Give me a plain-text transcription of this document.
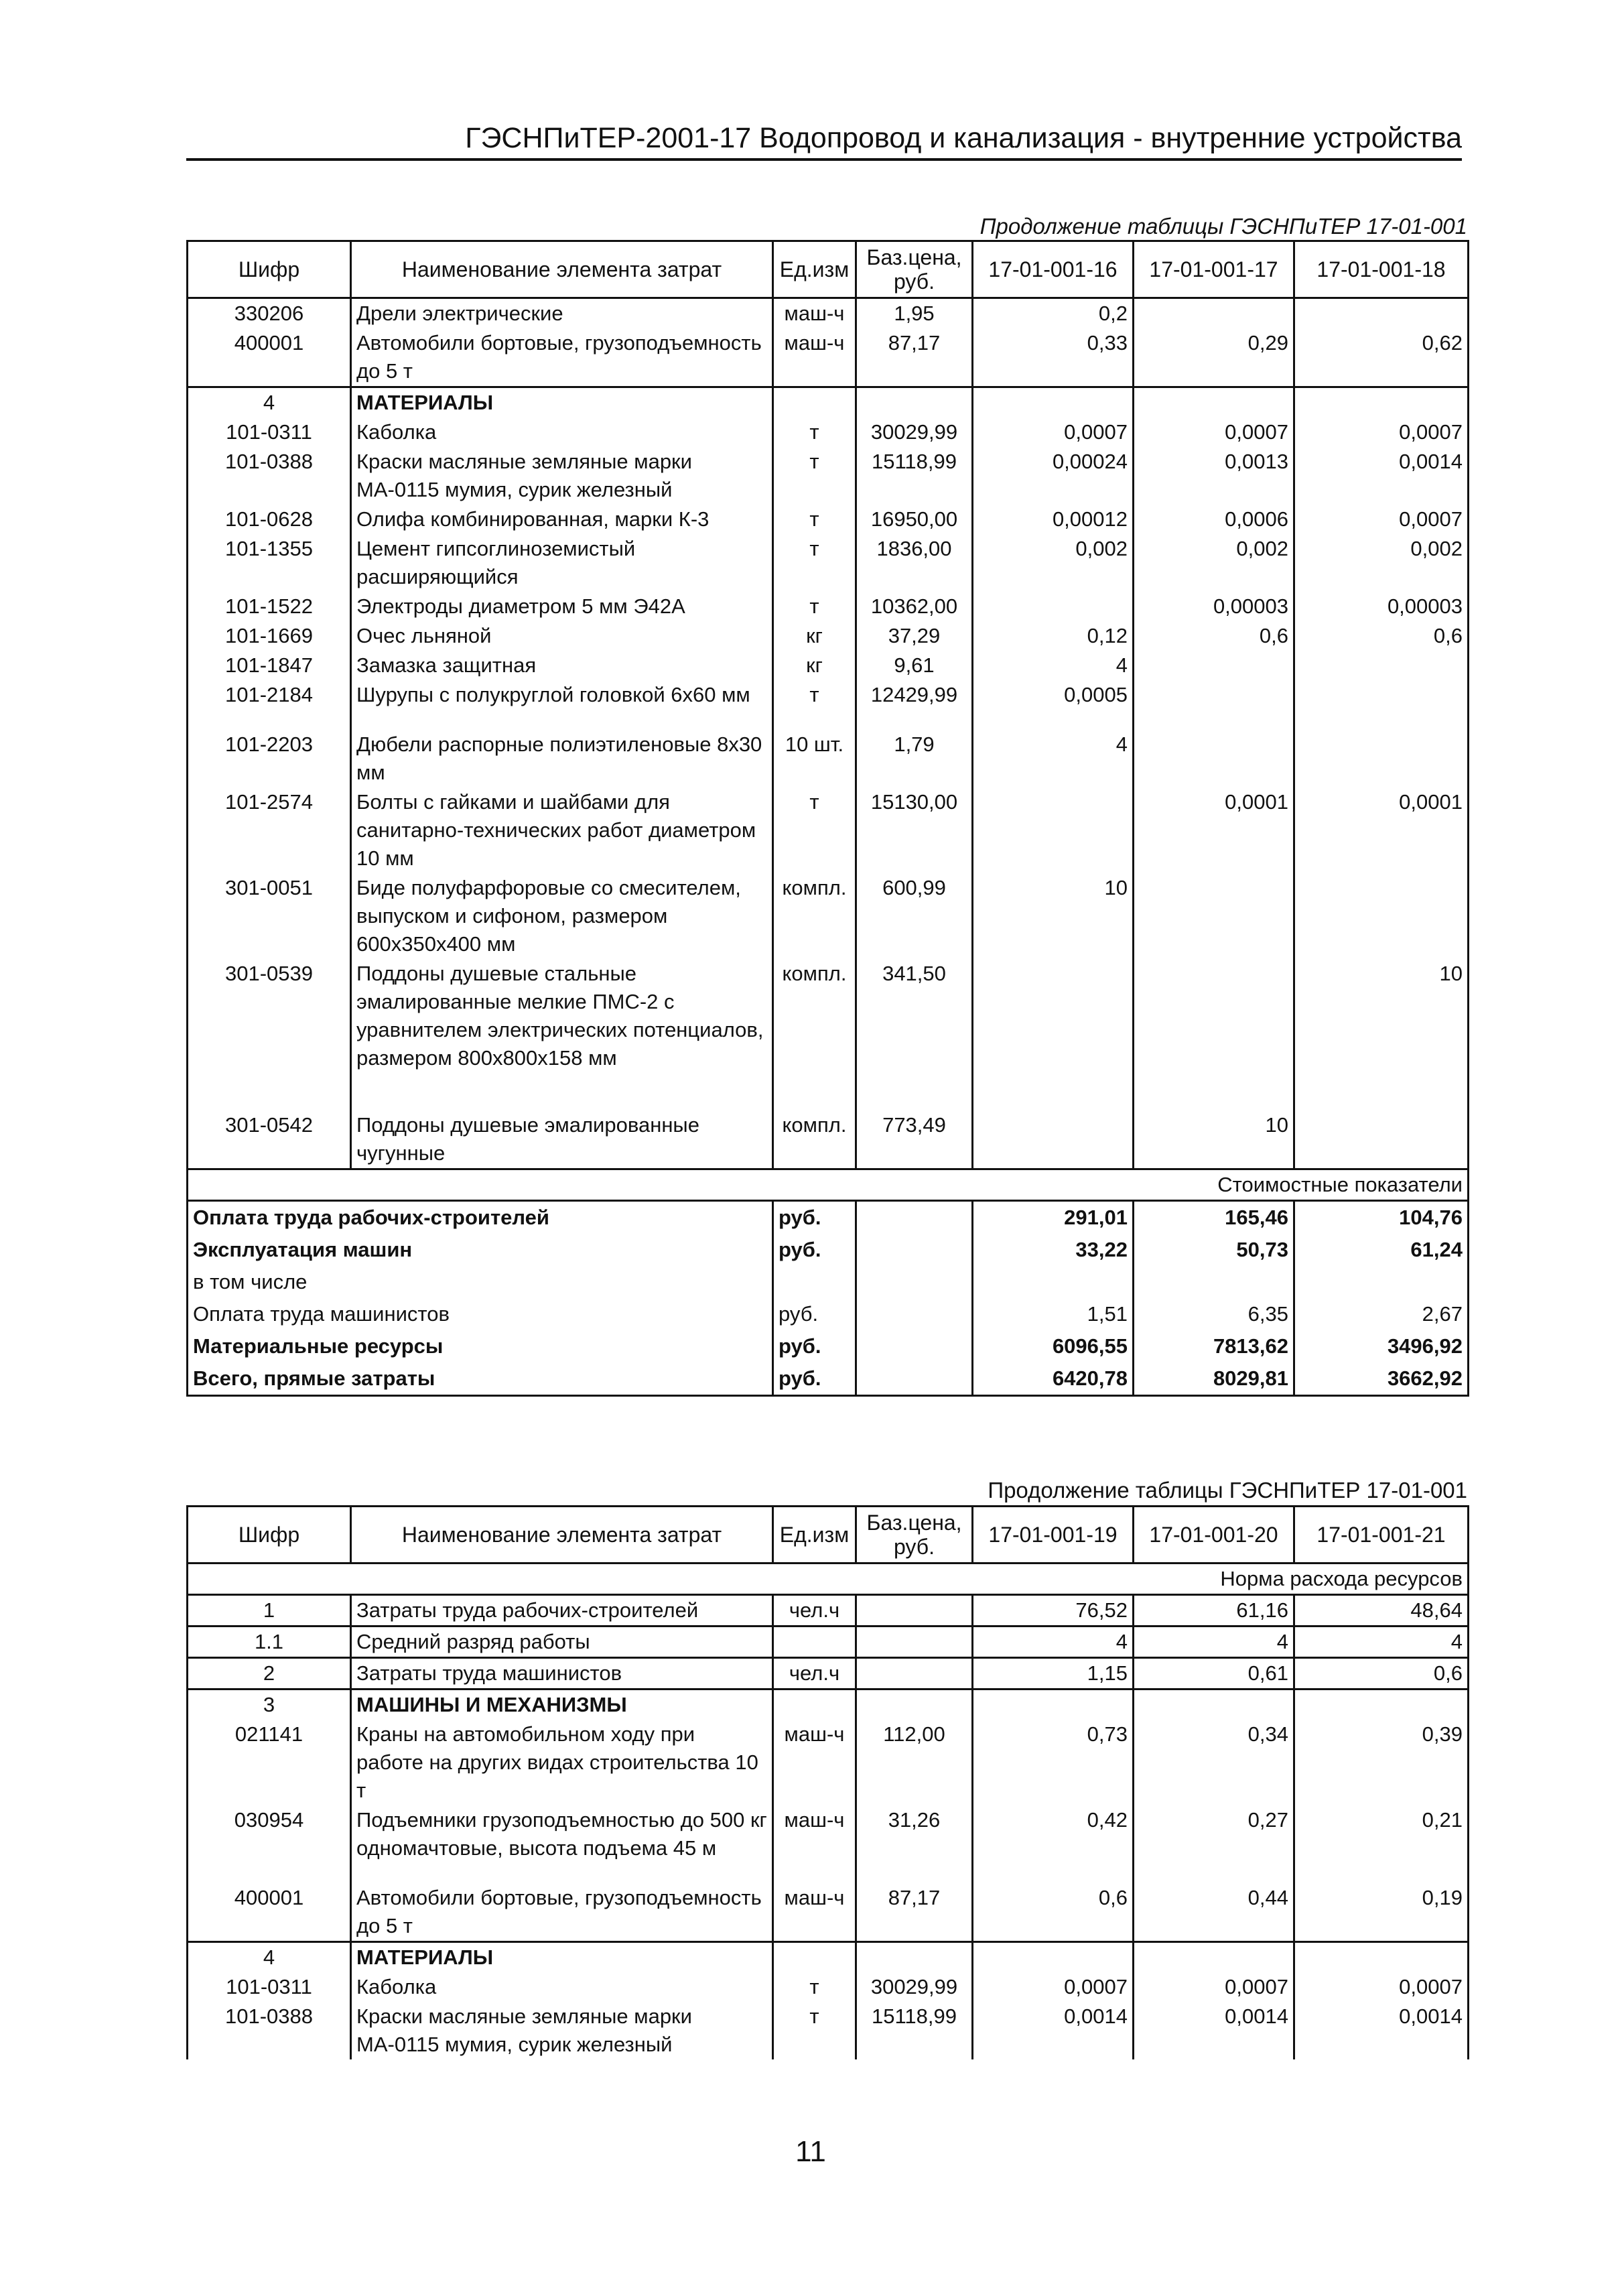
ГЭСНПиТЕР-2001-17 Водопровод и канализация - внутренние устройства
Продолжение таблицы ГЭСНПиТЕР 17-01-001
Шифр	Наименование элемента затрат	Ед.изм	Баз.цена, руб.	17-01-001-16	17-01-001-17	17-01-001-18
330206	Дрели электрические	маш-ч	1,95	0,2		
400001	Автомобили бортовые, грузоподъемность до 5 т	маш-ч	87,17	0,33	0,29	0,62
4	МАТЕРИАЛЫ					
101-0311	Каболка	т	30029,99	0,0007	0,0007	0,0007
101-0388	Краски масляные земляные марки МА-0115 мумия, сурик железный	т	15118,99	0,00024	0,0013	0,0014
101-0628	Олифа комбинированная, марки К-3	т	16950,00	0,00012	0,0006	0,0007
101-1355	Цемент гипсоглиноземистый расширяющийся	т	1836,00	0,002	0,002	0,002
101-1522	Электроды диаметром 5 мм Э42А	т	10362,00		0,00003	0,00003
101-1669	Очес льняной	кг	37,29	0,12	0,6	0,6
101-1847	Замазка защитная	кг	9,61	4		
101-2184	Шурупы с полукруглой головкой 6х60 мм	т	12429,99	0,0005		

101-2203	Дюбели распорные полиэтиленовые 8х30 мм	10 шт.	1,79	4		
101-2574	Болты с гайками и шайбами для санитарно-технических работ диаметром 10 мм	т	15130,00		0,0001	0,0001
301-0051	Биде полуфарфоровые со смесителем, выпуском и сифоном, размером 600х350х400 мм	компл.	600,99	10		
301-0539	Поддоны душевые стальные эмалированные мелкие ПМС-2 с уравнителем электрических потенциалов, размером 800х800х158 мм	компл.	341,50			10

301-0542	Поддоны душевые эмалированные чугунные	компл.	773,49		10	
Стоимостные показатели						
Оплата труда рабочих-строителей		руб.		291,01	165,46	104,76
Эксплуатация машин		руб.		33,22	50,73	61,24
в том числе						
Оплата труда машинистов		руб.		1,51	6,35	2,67
Материальные ресурсы		руб.		6096,55	7813,62	3496,92
Всего, прямые затраты		руб.		6420,78	8029,81	3662,92
Продолжение таблицы ГЭСНПиТЕР 17-01-001
Шифр	Наименование элемента затрат	Ед.изм	Баз.цена, руб.	17-01-001-19	17-01-001-20	17-01-001-21
Норма расхода ресурсов						
1	Затраты труда рабочих-строителей	чел.ч		76,52	61,16	48,64
1.1	Средний разряд работы			4	4	4
2	Затраты труда машинистов	чел.ч		1,15	0,61	0,6
3	МАШИНЫ И МЕХАНИЗМЫ					
021141	Краны на автомобильном ходу при работе на других видах строительства 10 т	маш-ч	112,00	0,73	0,34	0,39
030954	Подъемники грузоподъемностью до 500 кг одномачтовые, высота подъема 45 м	маш-ч	31,26	0,42	0,27	0,21

400001	Автомобили бортовые, грузоподъемность до 5 т	маш-ч	87,17	0,6	0,44	0,19
4	МАТЕРИАЛЫ					
101-0311	Каболка	т	30029,99	0,0007	0,0007	0,0007
101-0388	Краски масляные земляные марки МА-0115 мумия, сурик железный	т	15118,99	0,0014	0,0014	0,0014
11
